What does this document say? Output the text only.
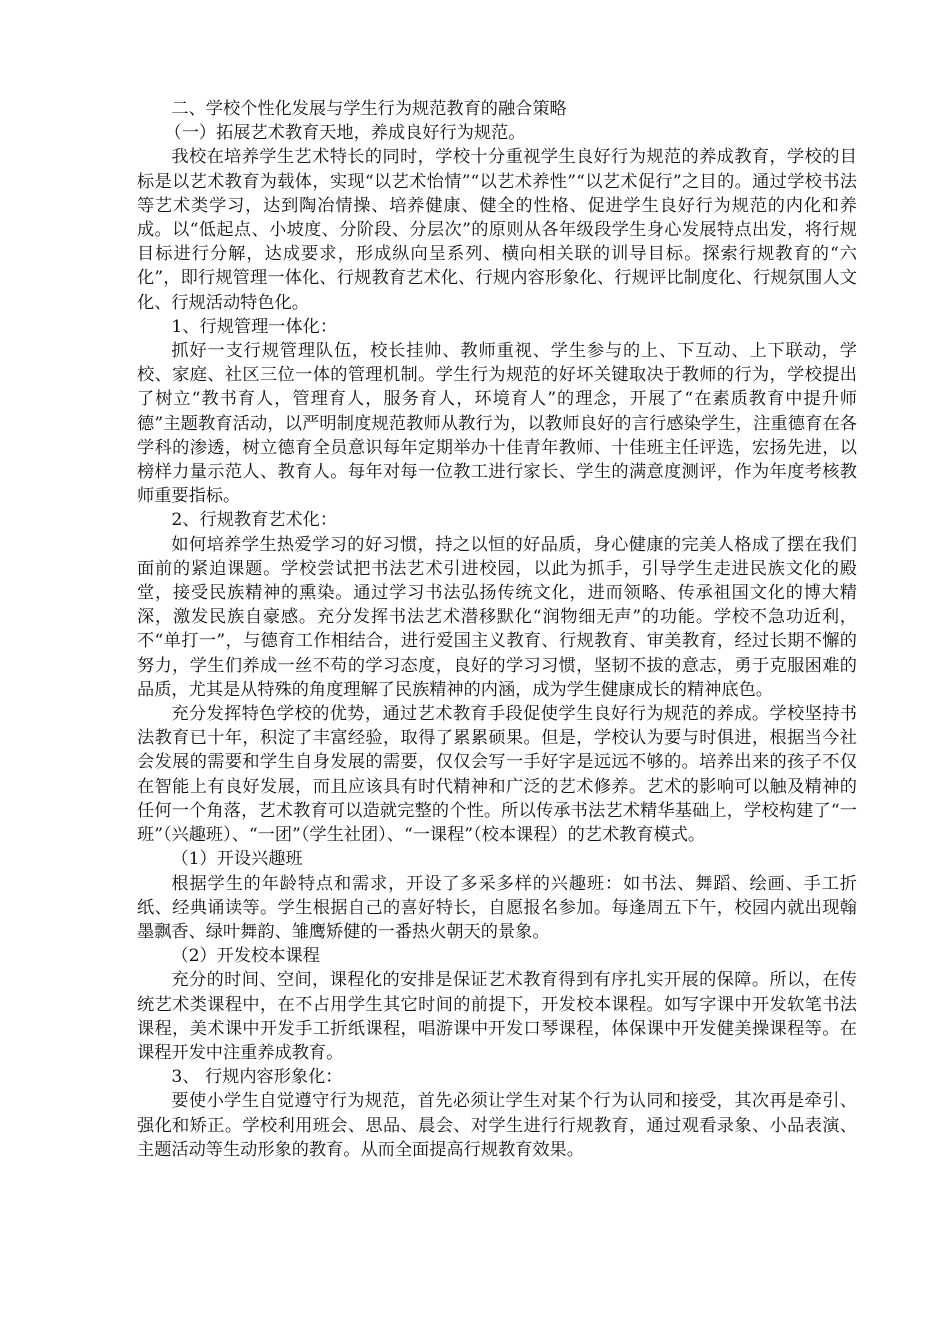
二、学校个性化发展与学生行为规范教育的融合策略

（一）拓展艺术教育天地，养成良好行为规范。

我校在培养学生艺术特长的同时，学校十分重视学生良好行为规范的养成教育，学校的目标是以艺术教育为载体，实现“以艺术怡情”“以艺术养性”“以艺术促行”之目的。通过学校书法等艺术类学习，达到陶冶情操、培养健康、健全的性格、促进学生良好行为规范的内化和养成。以“低起点、小坡度、分阶段、分层次”的原则从各年级段学生身心发展特点出发，将行规目标进行分解，达成要求，形成纵向呈系列、横向相关联的训导目标。探索行规教育的“六化”，即行规管理一体化、行规教育艺术化、行规内容形象化、行规评比制度化、行规氛围人文化、行规活动特色化。

1、行规管理一体化：

抓好一支行规管理队伍，校长挂帅、教师重视、学生参与的上、下互动、上下联动，学校、家庭、社区三位一体的管理机制。学生行为规范的好坏关键取决于教师的行为，学校提出了树立“教书育人，管理育人，服务育人，环境育人”的理念，开展了“在素质教育中提升师德”主题教育活动，以严明制度规范教师从教行为，以教师良好的言行感染学生，注重德育在各学科的渗透，树立德育全员意识每年定期举办十佳青年教师、十佳班主任评选，宏扬先进，以榜样力量示范人、教育人。每年对每一位教工进行家长、学生的满意度测评，作为年度考核教师重要指标。

2、行规教育艺术化：

如何培养学生热爱学习的好习惯，持之以恒的好品质，身心健康的完美人格成了摆在我们面前的紧迫课题。学校尝试把书法艺术引进校园，以此为抓手，引导学生走进民族文化的殿堂，接受民族精神的熏染。通过学习书法弘扬传统文化，进而领略、传承祖国文化的博大精深，激发民族自豪感。充分发挥书法艺术潜移默化“润物细无声”的功能。学校不急功近利，不“单打一”，与德育工作相结合，进行爱国主义教育、行规教育、审美教育，经过长期不懈的努力，学生们养成一丝不苟的学习态度，良好的学习习惯，坚韧不拔的意志，勇于克服困难的品质，尤其是从特殊的角度理解了民族精神的内涵，成为学生健康成长的精神底色。

充分发挥特色学校的优势，通过艺术教育手段促使学生良好行为规范的养成。学校坚持书法教育已十年，积淀了丰富经验，取得了累累硕果。但是，学校认为要与时俱进，根据当今社会发展的需要和学生自身发展的需要，仅仅会写一手好字是远远不够的。培养出来的孩子不仅在智能上有良好发展，而且应该具有时代精神和广泛的艺术修养。艺术的影响可以触及精神的任何一个角落，艺术教育可以造就完整的个性。所以传承书法艺术精华基础上，学校构建了“一班”（兴趣班）、“一团”（学生社团）、“一课程”（校本课程）的艺术教育模式。

（1）开设兴趣班

根据学生的年龄特点和需求，开设了多采多样的兴趣班：如书法、舞蹈、绘画、手工折纸、经典诵读等。学生根据自己的喜好特长，自愿报名参加。每逢周五下午，校园内就出现翰墨飘香、绿叶舞韵、雏鹰矫健的一番热火朝天的景象。

（2）开发校本课程

充分的时间、空间，课程化的安排是保证艺术教育得到有序扎实开展的保障。所以，在传统艺术类课程中，在不占用学生其它时间的前提下，开发校本课程。如写字课中开发软笔书法课程，美术课中开发手工折纸课程，唱游课中开发口琴课程，体保课中开发健美操课程等。在课程开发中注重养成教育。

3、 行规内容形象化：

要使小学生自觉遵守行为规范，首先必须让学生对某个行为认同和接受，其次再是牵引、强化和矫正。学校利用班会、思品、晨会、对学生进行行规教育，通过观看录象、小品表演、主题活动等生动形象的教育。从而全面提高行规教育效果。
